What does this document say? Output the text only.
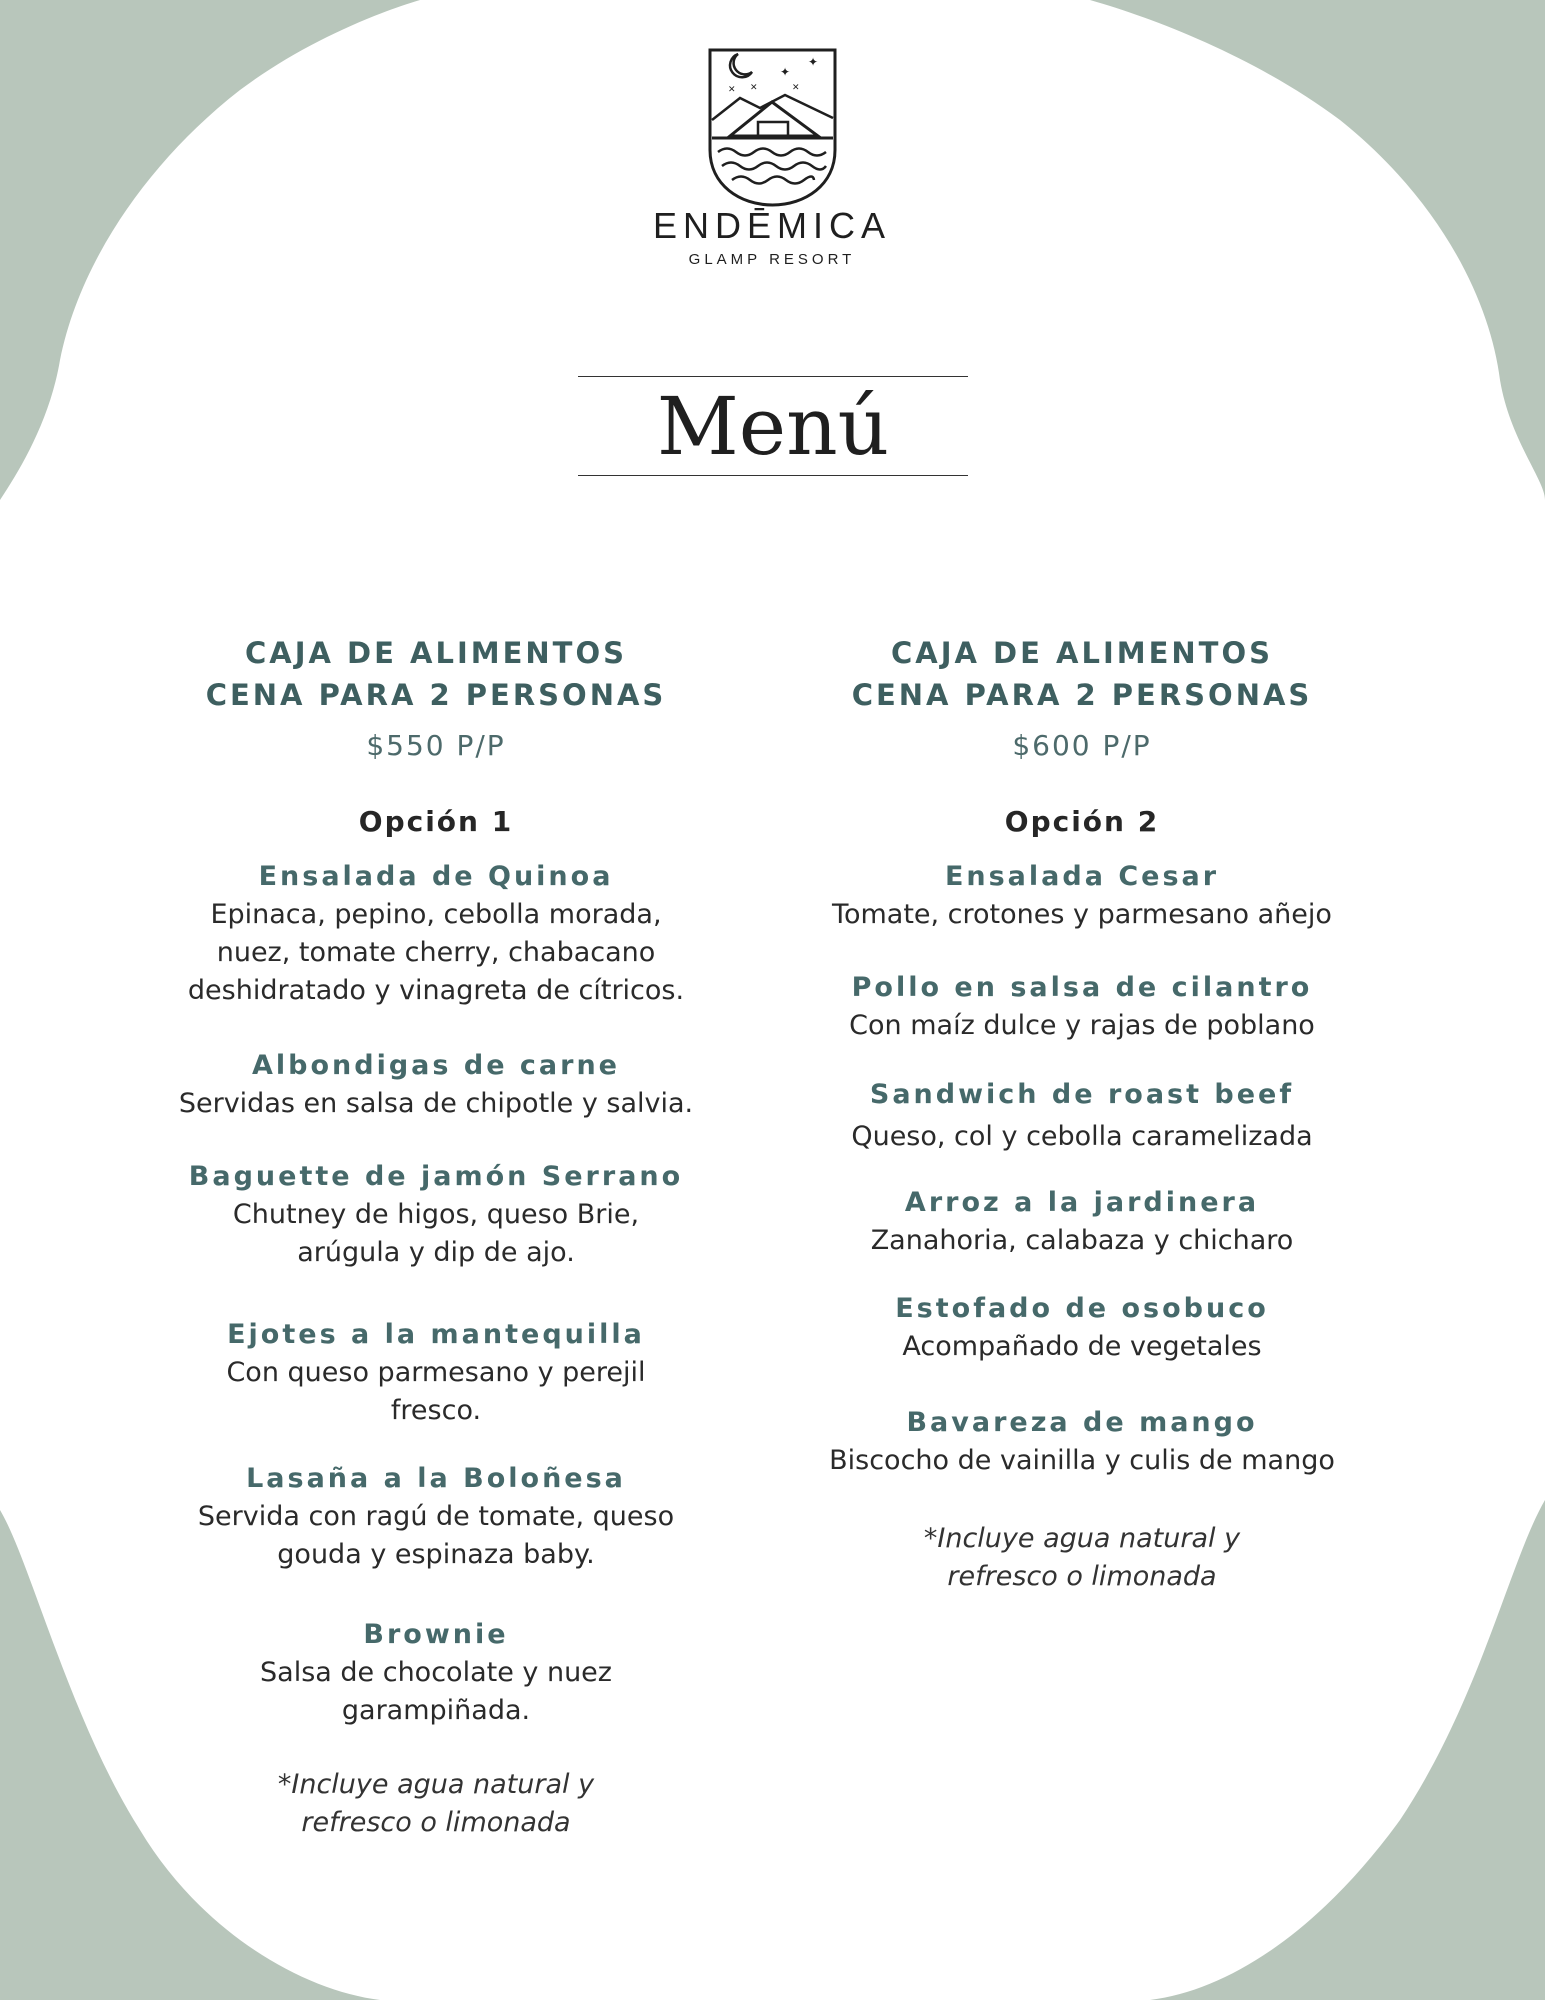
✦
✦
✕ ✕	✕
ENDĒMICA
GLAMP RESORT
Menú
CAJA DE ALIMENTOS
CENA PARA 2 PERSONAS
$550 P/P
Opción 1
Ensalada de Quinoa
Epinaca, pepino, cebolla morada,
nuez, tomate cherry, chabacano
deshidratado y vinagreta de cítricos.
Albondigas de carne
Servidas en salsa de chipotle y salvia.
Baguette de jamón Serrano
Chutney de higos, queso Brie,
arúgula y dip de ajo.
Ejotes a la mantequilla
Con queso parmesano y perejil
fresco.
Lasaña a la Boloñesa
Servida con ragú de tomate, queso
gouda y espinaza baby.
Brownie
Salsa de chocolate y nuez
garampiñada.
*Incluye agua natural y
refresco o limonada
CAJA DE ALIMENTOS
CENA PARA 2 PERSONAS
$600 P/P
Opción 2
Ensalada Cesar
Tomate, crotones y parmesano añejo
Pollo en salsa de cilantro
Con maíz dulce y rajas de poblano
Sandwich de roast beef
Queso, col y cebolla caramelizada
Arroz a la jardinera
Zanahoria, calabaza y chicharo
Estofado de osobuco
Acompañado de vegetales
Bavareza de mango
Biscocho de vainilla y culis de mango
*Incluye agua natural y
refresco o limonada
